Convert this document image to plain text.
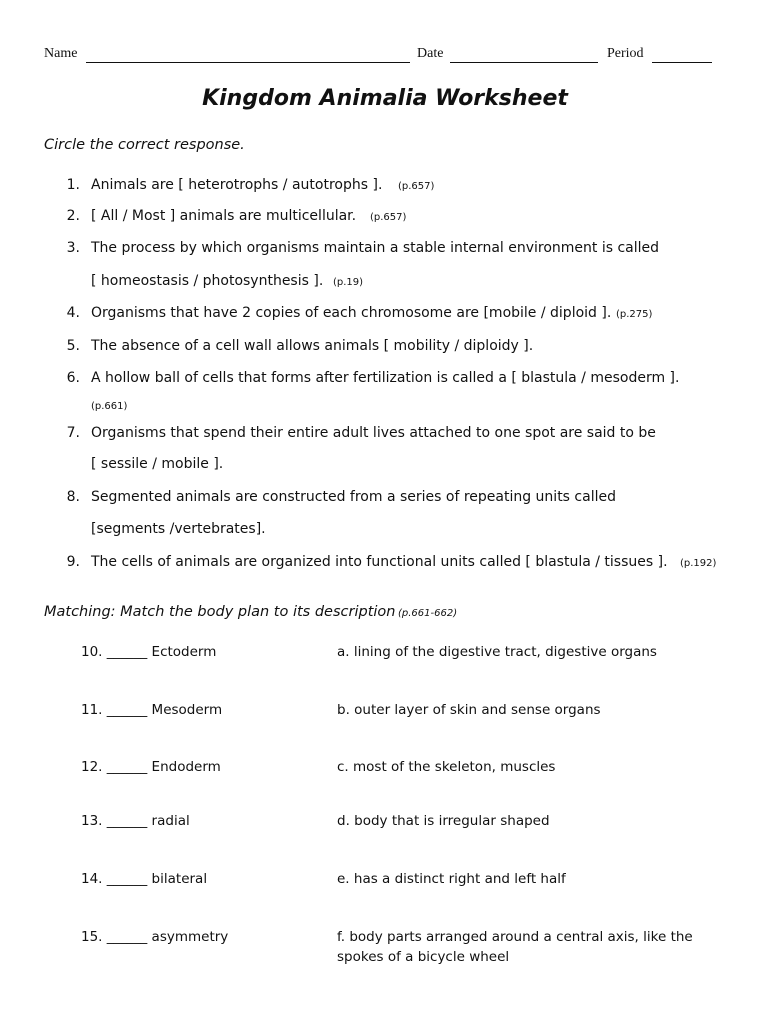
Name	Date	Period
Kingdom Animalia Worksheet
Circle the correct response.
1. Animals are [ heterotrophs / autotrophs ]. (p.657)
2. [ All / Most ] animals are multicellular. (p.657)
3. The process by which organisms maintain a stable internal environment is called
[ homeostasis / photosynthesis ]. (p.19)
4. Organisms that have 2 copies of each chromosome are [mobile / diploid ]. (p.275)
5. The absence of a cell wall allows animals [ mobility / diploidy ].
6. A hollow ball of cells that forms after fertilization is called a [ blastula / mesoderm ].
(p.661)
7. Organisms that spend their entire adult lives attached to one spot are said to be
[ sessile / mobile ].
8. Segmented animals are constructed from a series of repeating units called
[segments /vertebrates].
9. The cells of animals are organized into functional units called [ blastula / tissues ]. (p.192)
Matching: Match the body plan to its description (p.661-662)
10. ______ Ectoderm	a. lining of the digestive tract, digestive organs
11. ______ Mesoderm	b. outer layer of skin and sense organs
12. ______ Endoderm	c. most of the skeleton, muscles
13. ______ radial	d. body that is irregular shaped
14. ______ bilateral	e. has a distinct right and left half
15. ______ asymmetry	f. body parts arranged around a central axis, like the
spokes of a bicycle wheel
